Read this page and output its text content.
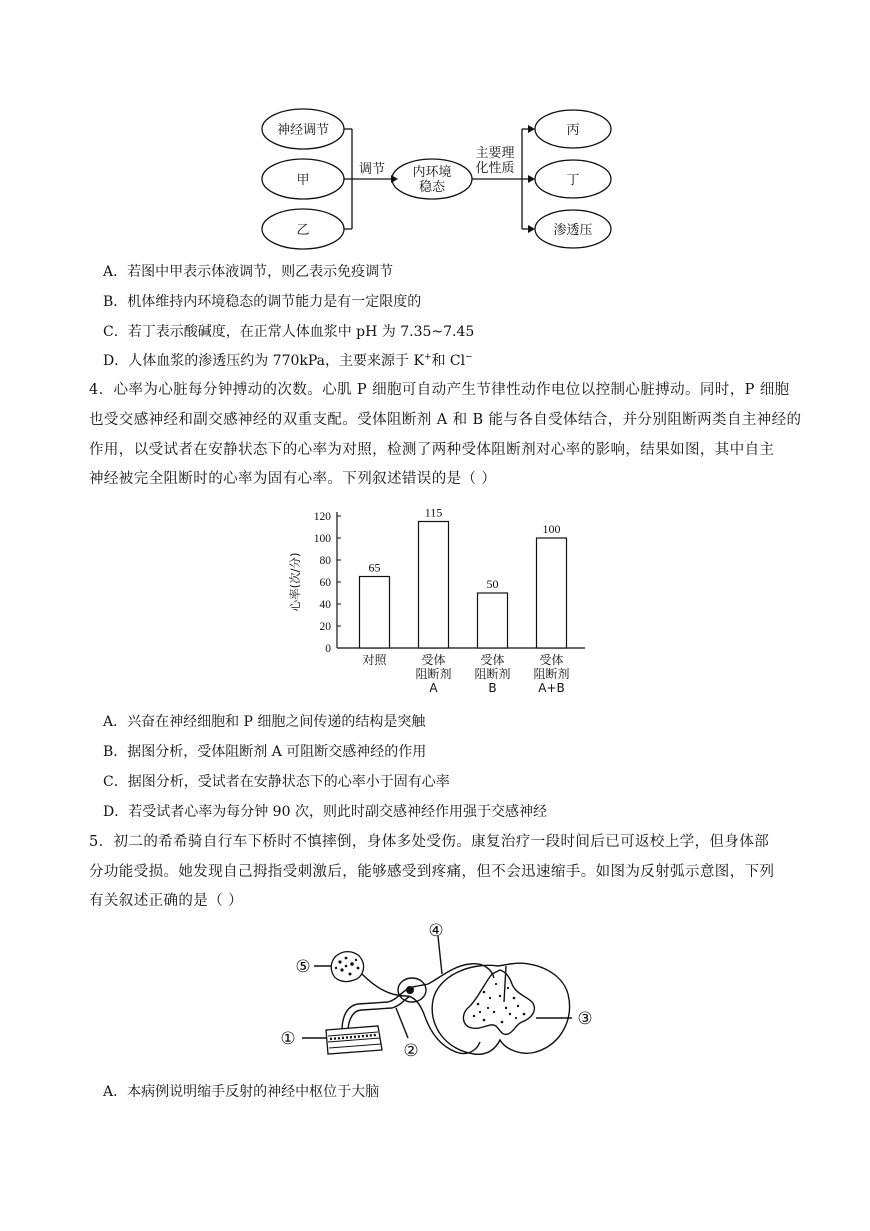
神经调节
甲
乙
调节 内环境
稳态
主要理
化性质
丙
丁
渗透压
A．若图中甲表示体液调节，则乙表示免疫调节
B．机体维持内环境稳态的调节能力是有一定限度的
C．若丁表示酸碱度，在正常人体血浆中 pH 为 7.35~7.45
D．人体血浆的渗透压约为 770kPa，主要来源于 K+和 Cl−
4．心率为心脏每分钟搏动的次数。心肌 P 细胞可自动产生节律性动作电位以控制心脏搏动。同时，P 细胞
也受交感神经和副交感神经的双重支配。受体阻断剂 A 和 B 能与各自受体结合，并分别阻断两类自主神经的
作用，以受试者在安静状态下的心率为对照，检测了两种受体阻断剂对心率的影响，结果如图，其中自主
神经被完全阻断时的心率为固有心率。下列叙述错误的是（ ）
心率(次/分)
0
20
40
60
80
100
120
65
115
50
100
对照	受体
阻断剂
A
受体
阻断剂
B
受体
阻断剂
A+B
A．兴奋在神经细胞和 P 细胞之间传递的结构是突触
B．据图分析，受体阻断剂 A 可阻断交感神经的作用
C．据图分析，受试者在安静状态下的心率小于固有心率
D．若受试者心率为每分钟 90 次，则此时副交感神经作用强于交感神经
5．初二的希希骑自行车下桥时不慎摔倒，身体多处受伤。康复治疗一段时间后已可返校上学，但身体部
分功能受损。她发现自己拇指受刺激后，能够感受到疼痛，但不会迅速缩手。如图为反射弧示意图，下列
有关叙述正确的是（ ）
④
⑤
①
②
③
A．本病例说明缩手反射的神经中枢位于大脑
